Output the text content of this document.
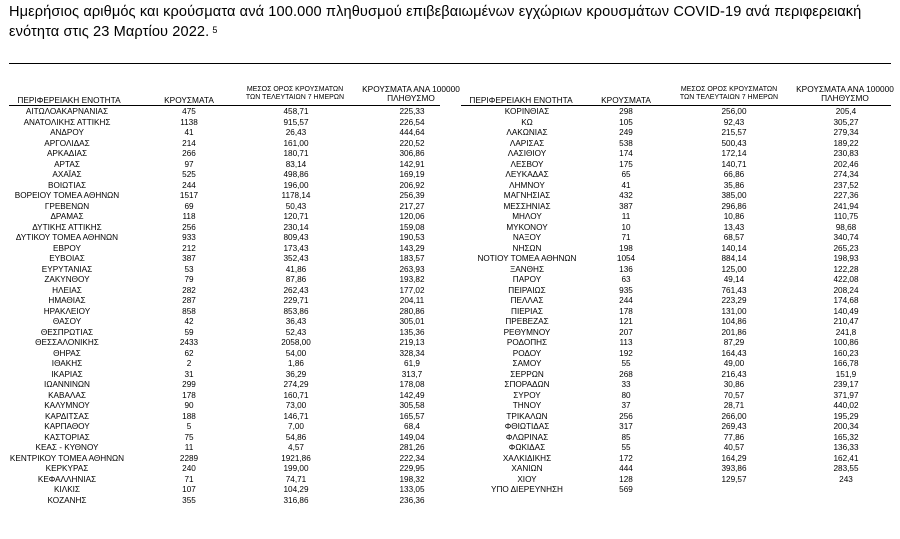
Ημερήσιος αριθμός και κρούσματα ανά 100.000 πληθυσμού επιβεβαιωμένων εγχώριων κρουσμάτων COVID-19 ανά περιφερειακή ενότητα στις 23 Μαρτίου 2022. $^5$
ΠΕΡΙΦΕΡΕΙΑΚΗ ΕΝΟΤΗΤΑ	ΚΡΟΥΣΜΑΤΑ
ΜΕΣΟΣ ΟΡΟΣ ΚΡΟΥΣΜΑΤΩΝ
ΤΩΝ ΤΕΛΕΥΤΑΙΩΝ 7 ΗΜΕΡΩΝ
ΚΡΟΥΣΜΑΤΑ ΑΝΑ 100000
ΠΛΗΘΥΣΜΟ	ΠΕΡΙΦΕΡΕΙΑΚΗ ΕΝΟΤΗΤΑ	ΚΡΟΥΣΜΑΤΑ
ΜΕΣΟΣ ΟΡΟΣ ΚΡΟΥΣΜΑΤΩΝ
ΤΩΝ ΤΕΛΕΥΤΑΙΩΝ 7 ΗΜΕΡΩΝ
ΚΡΟΥΣΜΑΤΑ ΑΝΑ 100000
ΠΛΗΘΥΣΜΟ
ΑΙΤΩΛΟΑΚΑΡΝΑΝΙΑΣ	475	458,71	225,33
ΑΝΑΤΟΛΙΚΗΣ ΑΤΤΙΚΗΣ	1138	915,57	226,54
ΑΝΔΡΟΥ	41	26,43	444,64
ΑΡΓΟΛΙΔΑΣ	214	161,00	220,52
ΑΡΚΑΔΙΑΣ	266	180,71	306,86
ΑΡΤΑΣ	97	83,14	142,91
ΑΧΑΪΑΣ	525	498,86	169,19
ΒΟΙΩΤΙΑΣ	244	196,00	206,92
ΒΟΡΕΙΟΥ ΤΟΜΕΑ ΑΘΗΝΩΝ	1517	1178,14	256,39
ΓΡΕΒΕΝΩΝ	69	50,43	217,27
ΔΡΑΜΑΣ	118	120,71	120,06
ΔΥΤΙΚΗΣ ΑΤΤΙΚΗΣ	256	230,14	159,08
ΔΥΤΙΚΟΥ ΤΟΜΕΑ ΑΘΗΝΩΝ	933	809,43	190,53
ΕΒΡΟΥ	212	173,43	143,29
ΕΥΒΟΙΑΣ	387	352,43	183,57
ΕΥΡΥΤΑΝΙΑΣ	53	41,86	263,93
ΖΑΚΥΝΘΟΥ	79	87,86	193,82
ΗΛΕΙΑΣ	282	262,43	177,02
ΗΜΑΘΙΑΣ	287	229,71	204,11
ΗΡΑΚΛΕΙΟΥ	858	853,86	280,86
ΘΑΣΟΥ	42	36,43	305,01
ΘΕΣΠΡΩΤΙΑΣ	59	52,43	135,36
ΘΕΣΣΑΛΟΝΙΚΗΣ	2433	2058,00	219,13
ΘΗΡΑΣ	62	54,00	328,34
ΙΘΑΚΗΣ	2	1,86	61,9
ΙΚΑΡΙΑΣ	31	36,29	313,7
ΙΩΑΝΝΙΝΩΝ	299	274,29	178,08
ΚΑΒΑΛΑΣ	178	160,71	142,49
ΚΑΛΥΜΝΟΥ	90	73,00	305,58
ΚΑΡΔΙΤΣΑΣ	188	146,71	165,57
ΚΑΡΠΑΘΟΥ	5	7,00	68,4
ΚΑΣΤΟΡΙΑΣ	75	54,86	149,04
ΚΕΑΣ - ΚΥΘΝΟΥ	11	4,57	281,26
ΚΕΝΤΡΙΚΟΥ ΤΟΜΕΑ ΑΘΗΝΩΝ	2289	1921,86	222,34
ΚΕΡΚΥΡΑΣ	240	199,00	229,95
ΚΕΦΑΛΛΗΝΙΑΣ	71	74,71	198,32
ΚΙΛΚΙΣ	107	104,29	133,05
ΚΟΖΑΝΗΣ	355	316,86	236,36
ΚΟΡΙΝΘΙΑΣ	298	256,00	205,4
ΚΩ	105	92,43	305,27
ΛΑΚΩΝΙΑΣ	249	215,57	279,34
ΛΑΡΙΣΑΣ	538	500,43	189,22
ΛΑΣΙΘΙΟΥ	174	172,14	230,83
ΛΕΣΒΟΥ	175	140,71	202,46
ΛΕΥΚΑΔΑΣ	65	66,86	274,34
ΛΗΜΝΟΥ	41	35,86	237,52
ΜΑΓΝΗΣΙΑΣ	432	385,00	227,36
ΜΕΣΣΗΝΙΑΣ	387	296,86	241,94
ΜΗΛΟΥ	11	10,86	110,75
ΜΥΚΟΝΟΥ	10	13,43	98,68
ΝΑΞΟΥ	71	68,57	340,74
ΝΗΣΩΝ	198	140,14	265,23
ΝΟΤΙΟΥ ΤΟΜΕΑ ΑΘΗΝΩΝ	1054	884,14	198,93
ΞΑΝΘΗΣ	136	125,00	122,28
ΠΑΡΟΥ	63	49,14	422,08
ΠΕΙΡΑΙΩΣ	935	761,43	208,24
ΠΕΛΛΑΣ	244	223,29	174,68
ΠΙΕΡΙΑΣ	178	131,00	140,49
ΠΡΕΒΕΖΑΣ	121	104,86	210,47
ΡΕΘΥΜΝΟΥ	207	201,86	241,8
ΡΟΔΟΠΗΣ	113	87,29	100,86
ΡΟΔΟΥ	192	164,43	160,23
ΣΑΜΟΥ	55	49,00	166,78
ΣΕΡΡΩΝ	268	216,43	151,9
ΣΠΟΡΑΔΩΝ	33	30,86	239,17
ΣΥΡΟΥ	80	70,57	371,97
ΤΗΝΟΥ	37	28,71	440,02
ΤΡΙΚΑΛΩΝ	256	266,00	195,29
ΦΘΙΩΤΙΔΑΣ	317	269,43	200,34
ΦΛΩΡΙΝΑΣ	85	77,86	165,32
ΦΩΚΙΔΑΣ	55	40,57	136,33
ΧΑΛΚΙΔΙΚΗΣ	172	164,29	162,41
ΧΑΝΙΩΝ	444	393,86	283,55
ΧΙΟΥ	128	129,57	243
ΥΠΟ ΔΙΕΡΕΥΝΗΣΗ	569
